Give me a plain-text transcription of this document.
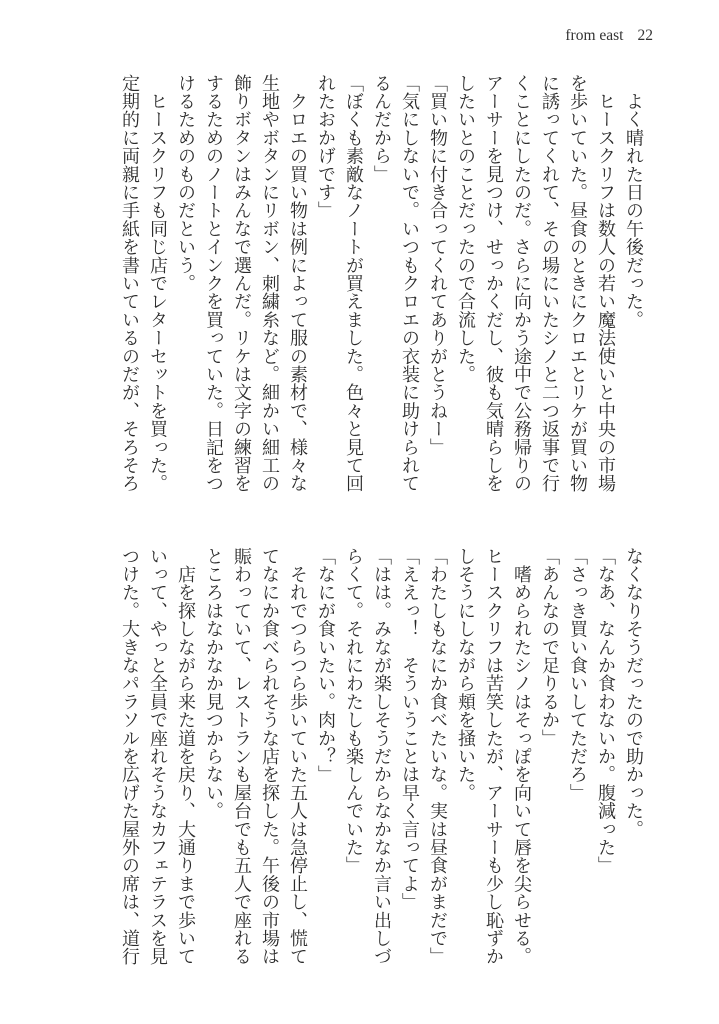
from east 22
　よく晴れた日の午後だった。
　ヒースクリフは数人の若い魔法使いと中央の市場
を歩いていた。昼食のときにクロエとリケが買い物
に誘ってくれて、その場にいたシノと二つ返事で行
くことにしたのだ。さらに向かう途中で公務帰りの
アーサーを見つけ、せっかくだし、彼も気晴らしを
したいとのことだったので合流した。
「買い物に付き合ってくれてありがとうねー」
「気にしないで。いつもクロエの衣装に助けられて
るんだから」
「ぼくも素敵なノートが買えました。色々と見て回
れたおかげです」
　クロエの買い物は例によって服の素材で、様々な
生地やボタンにリボン、刺繍糸など。細かい細工の
飾りボタンはみんなで選んだ。リケは文字の練習を
するためのノートとインクを買っていた。日記をつ
けるためのものだという。
　ヒースクリフも同じ店でレターセットを買った。
定期的に両親に手紙を書いているのだが、そろそろ
なくなりそうだったので助かった。
「なあ、なんか食わないか。腹減った」
「さっき買い食いしてただろ」
「あんなので足りるか」
　嗜められたシノはそっぽを向いて唇を尖らせる。
ヒースクリフは苦笑したが、アーサーも少し恥ずか
しそうにしながら頬を掻いた。
「わたしもなにか食べたいな。実は昼食がまだで」
「ええっ！　そういうことは早く言ってよ」
「はは。みなが楽しそうだからなかなか言い出しづ
らくて。それにわたしも楽しんでいた」
「なにが食いたい。肉か？」
　それでつらつら歩いていた五人は急停止し、慌て
てなにか食べられそうな店を探した。午後の市場は
賑わっていて、レストランも屋台でも五人で座れる
ところはなかなか見つからない。
　店を探しながら来た道を戻り、大通りまで歩いて
いって、やっと全員で座れそうなカフェテラスを見
つけた。大きなパラソルを広げた屋外の席は、道行
